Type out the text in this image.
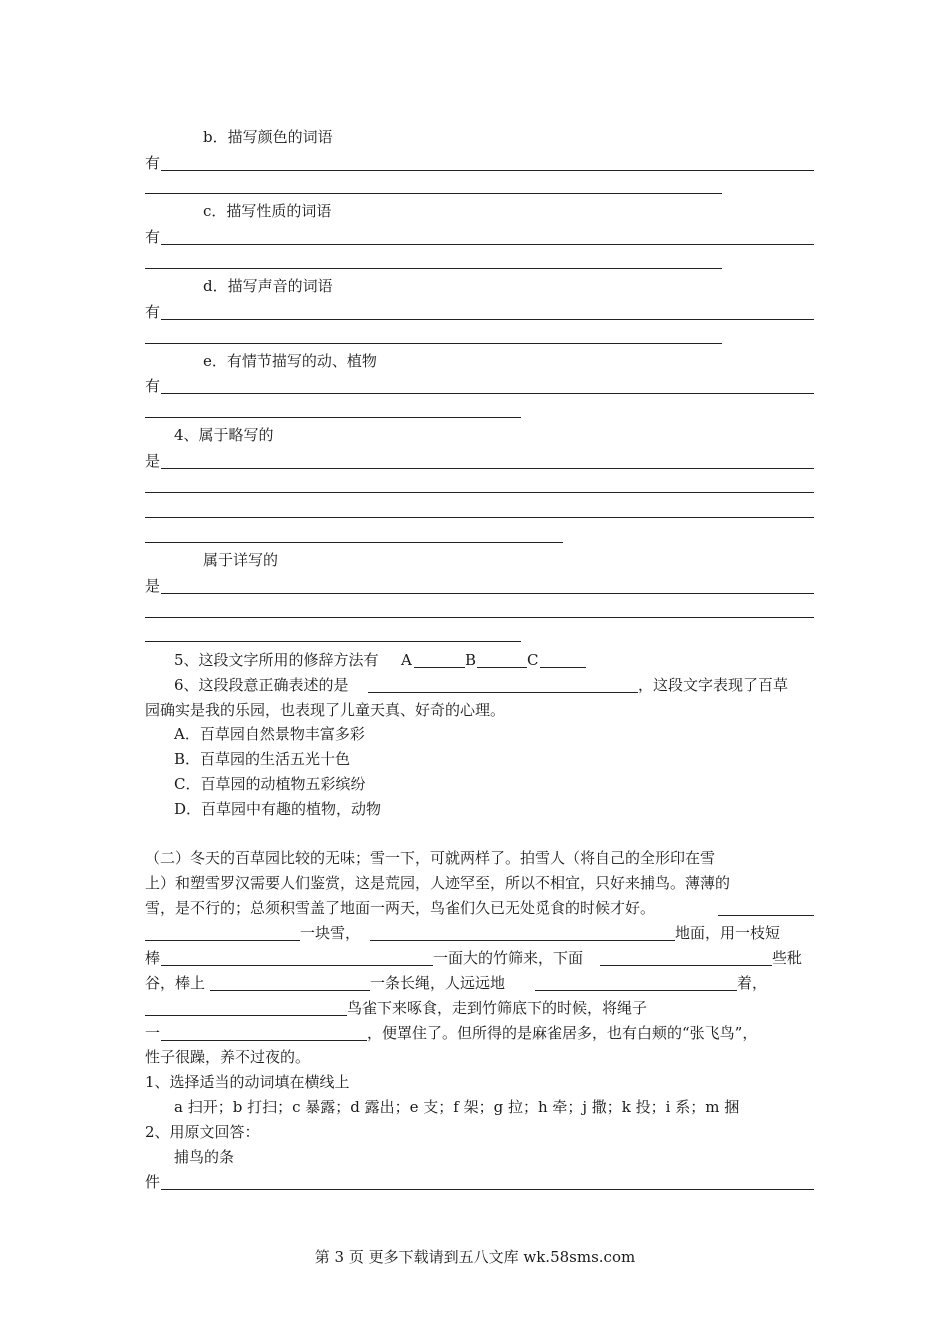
b．描写颜色的词语
有
c．描写性质的词语
有
d．描写声音的词语
有
e．有情节描写的动、植物
有
4、属于略写的
是
属于详写的
是
5、这段文字所用的修辞方法有 A	B	C
6、这段段意正确表述的是	，这段文字表现了百草
园确实是我的乐园，也表现了儿童天真、好奇的心理。
A．百草园自然景物丰富多彩
B．百草园的生活五光十色
C．百草园的动植物五彩缤纷
D．百草园中有趣的植物，动物
（二）冬天的百草园比较的无味；雪一下，可就两样了。拍雪人（将自己的全形印在雪
上）和塑雪罗汉需要人们鉴赏，这是荒园，人迹罕至，所以不相宜，只好来捕鸟。薄薄的
雪，是不行的；总须积雪盖了地面一两天，鸟雀们久已无处觅食的时候才好。
一块雪，	地面，用一枝短
棒	一面大的竹筛来，下面	些秕
谷，棒上	一条长绳，人远远地	着，
鸟雀下来啄食，走到竹筛底下的时候，将绳子
一	，便罩住了。但所得的是麻雀居多，也有白颊的“张飞鸟”，
性子很躁，养不过夜的。
1、选择适当的动词填在横线上
a 扫开；b 打扫；c 暴露；d 露出；e 支；f 架；g 拉；h 牵；j 撒；k 投；i 系；m 捆
2、用原文回答：
捕鸟的条
件
第 3 页 更多下载请到五八文库 wk.58sms.com
